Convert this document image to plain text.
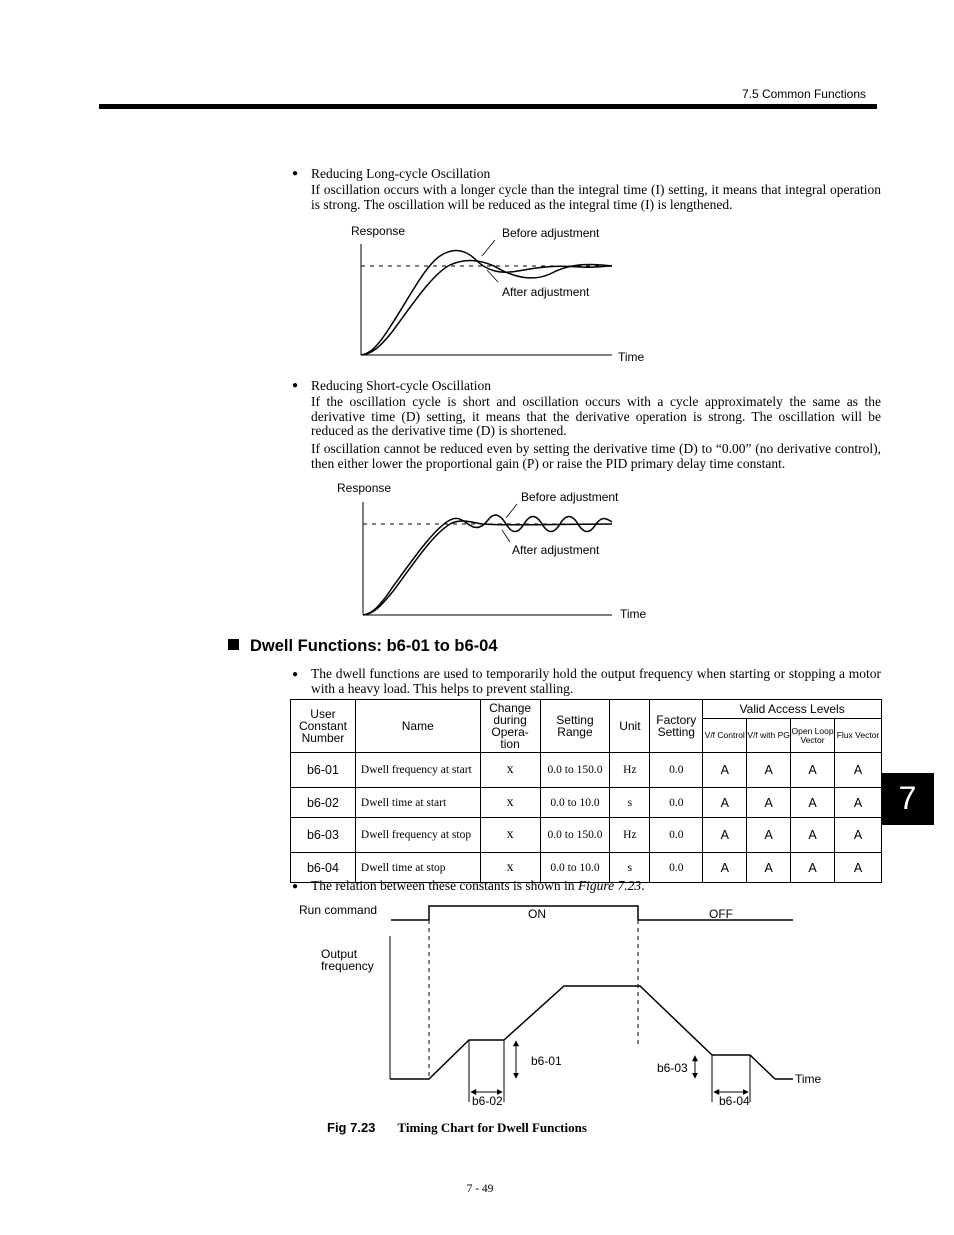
7.5 Common Functions
● Reducing Long-cycle Oscillation
If oscillation occurs with a longer cycle than the integral time (I) setting, it means that integral operation is strong. The oscillation will be reduced as the integral time (I) is lengthened.
Response	Before adjustment
After adjustment
Time
● Reducing Short-cycle Oscillation
If the oscillation cycle is short and oscillation occurs with a cycle approximately the same as the derivative time (D) setting, it means that the derivative operation is strong. The oscillation will be reduced as the derivative time (D) is shortened.
If oscillation cannot be reduced even by setting the derivative time (D) to “0.00” (no derivative control), then either lower the proportional gain (P) or raise the PID primary delay time constant.
Response
Before adjustment
After adjustment
Time
Dwell Functions: b6-01 to b6-04
● The dwell functions are used to temporarily hold the output frequency when starting or stopping a motor with a heavy load. This helps to prevent stalling.
User Constant Number	Name	Change during Opera- tion	Setting Range	Unit	Factory Setting	Valid Access Levels			
						V/f Control	V/f with PG	Open Loop Vector	Flux Vector
b6-01	Dwell frequency at start	x	0.0 to 150.0	Hz	0.0	A	A	A	A
b6-02	Dwell time at start	x	0.0 to 10.0	s	0.0	A	A	A	A
b6-03	Dwell frequency at stop	x	0.0 to 150.0	Hz	0.0	A	A	A	A
b6-04	Dwell time at stop	x	0.0 to 10.0	s	0.0	A	A	A	A
● The relation between these constants is shown in Figure 7.23.
Run command	ON	OFF
Output
frequency
Time
b6-01
b6-02
b6-03
b6-04
Fig 7.23 Timing Chart for Dwell Functions
7
7 - 49
